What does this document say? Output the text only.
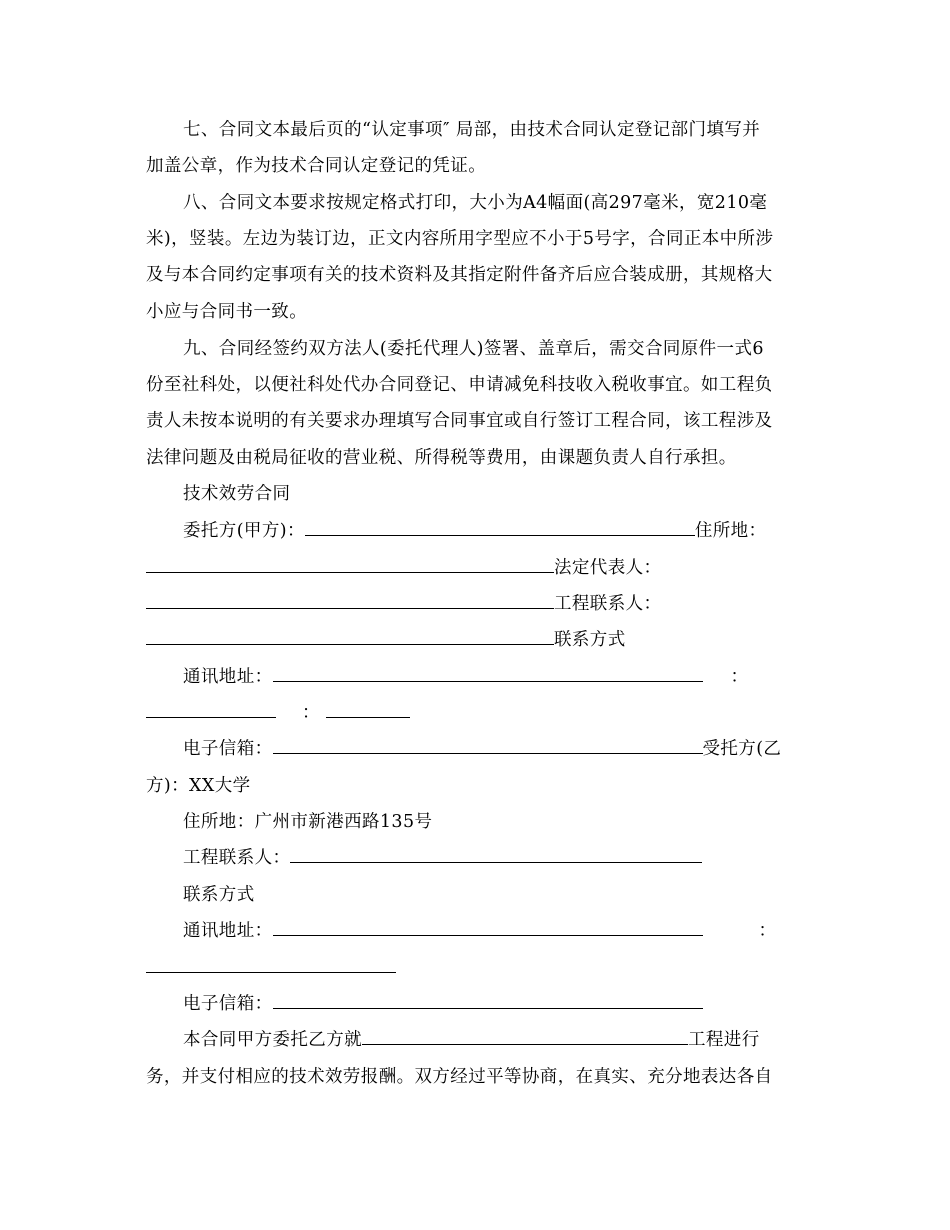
七、合同文本最后页的“认定事项″ 局部，由技术合同认定登记部门填写并
加盖公章，作为技术合同认定登记的凭证。
八、合同文本要求按规定格式打印，大小为A4幅面(高297毫米，宽210毫
米)，竖装。左边为装订边，正文内容所用字型应不小于5号字，合同正本中所涉
及与本合同约定事项有关的技术资料及其指定附件备齐后应合装成册，其规格大
小应与合同书一致。
九、合同经签约双方法人(委托代理人)签署、盖章后，需交合同原件一式6
份至社科处，以便社科处代办合同登记、申请减免科技收入税收事宜。如工程负
责人未按本说明的有关要求办理填写合同事宜或自行签订工程合同，该工程涉及
法律问题及由税局征收的营业税、所得税等费用，由课题负责人自行承担。
技术效劳合同
委托方(甲方)：	住所地：
法定代表人：
工程联系人：
联系方式
通讯地址：	：
：
电子信箱：	受托方(乙
方)：XX大学
住所地：广州市新港西路135号
工程联系人：
联系方式
通讯地址：	：
电子信箱：
本合同甲方委托乙方就	工程进行
务，并支付相应的技术效劳报酬。双方经过平等协商，在真实、充分地表达各自
